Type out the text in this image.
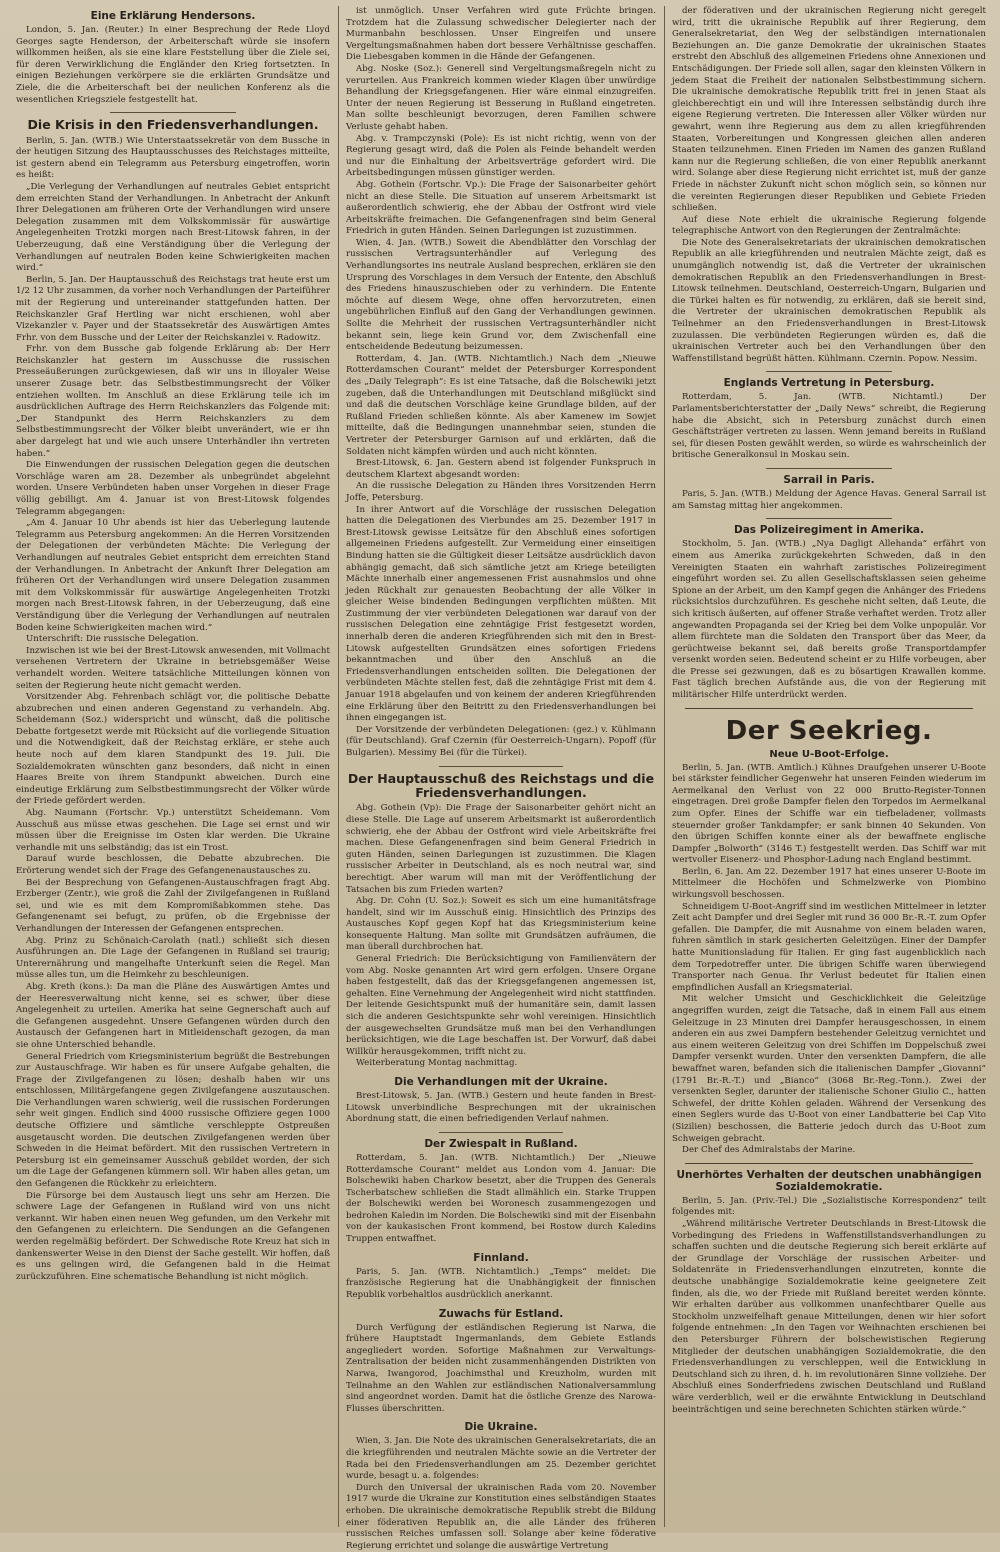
Eine Erklärung Hendersons.

London, 5. Jan. (Reuter.) In einer Besprechung der Rede Lloyd Georges sagte Henderson, der Arbeiterschaft würde sie insofern willkommen heißen, als sie eine klare Feststellung über die Ziele sei, für deren Verwirklichung die Engländer den Krieg fortsetzten. In einigen Beziehungen verkörpere sie die erklärten Grundsätze und Ziele, die die Arbeiterschaft bei der neulichen Konferenz als die wesentlichen Kriegsziele festgestellt hat.

Die Krisis in den Friedensverhandlungen.

Berlin, 5. Jan. (WTB.) Wie Unterstaatssekretär von dem Bussche in der heutigen Sitzung des Hauptausschusses des Reichstages mitteilte, ist gestern abend ein Telegramm aus Petersburg eingetroffen, worin es heißt:

„Die Verlegung der Verhandlungen auf neutrales Gebiet entspricht dem erreichten Stand der Verhandlungen. In Anbetracht der Ankunft Ihrer Delegationen am früheren Orte der Verhandlungen wird unsere Delegation zusammen mit dem Volkskommissär für auswärtige Angelegenheiten Trotzki morgen nach Brest-Litowsk fahren, in der Ueberzeugung, daß eine Verständigung über die Verlegung der Verhandlungen auf neutralen Boden keine Schwierigkeiten machen wird.“

Berlin, 5. Jan. Der Hauptausschuß des Reichstags trat heute erst um 1/2 12 Uhr zusammen, da vorher noch Verhandlungen der Parteiführer mit der Regierung und untereinander stattgefunden hatten. Der Reichskanzler Graf Hertling war nicht erschienen, wohl aber Vizekanzler v. Payer und der Staatssekretär des Auswärtigen Amtes Frhr. von dem Bussche und der Leiter der Reichskanzlei v. Radowitz.

Frhr. von dem Bussche gab folgende Erklärung ab: Der Herr Reichskanzler hat gestern im Ausschusse die russischen Presseäußerungen zurückgewiesen, daß wir uns in illoyaler Weise unserer Zusage betr. das Selbstbestimmungsrecht der Völker entziehen wollten. Im Anschluß an diese Erklärung teile ich im ausdrücklichen Auftrage des Herrn Reichskanzlers das Folgende mit: „Der Standpunkt des Herrn Reichskanzlers zu dem Selbstbestimmungsrecht der Völker bleibt unverändert, wie er ihn aber dargelegt hat und wie auch unsere Unterhändler ihn vertreten haben.“

Die Einwendungen der russischen Delegation gegen die deutschen Vorschläge waren am 28. Dezember als unbegründet abgelehnt worden. Unsere Verbündeten haben unser Vorgehen in dieser Frage völlig gebilligt. Am 4. Januar ist von Brest-Litowsk folgendes Telegramm abgegangen:

„Am 4. Januar 10 Uhr abends ist hier das Ueberlegung lautende Telegramm aus Petersburg angekommen: An die Herren Vorsitzenden der Delegationen der verbündeten Mächte: Die Verlegung der Verhandlungen auf neutrales Gebiet entspricht dem erreichten Stand der Verhandlungen. In Anbetracht der Ankunft Ihrer Delegation am früheren Ort der Verhandlungen wird unsere Delegation zusammen mit dem Volkskommissär für auswärtige Angelegenheiten Trotzki morgen nach Brest-Litowsk fahren, in der Ueberzeugung, daß eine Verständigung über die Verlegung der Verhandlungen auf neutralen Boden keine Schwierigkeiten machen wird.“

Unterschrift: Die russische Delegation.

Inzwischen ist wie bei der Brest-Litowsk anwesenden, mit Vollmacht versehenen Vertretern der Ukraine in betriebsgemäßer Weise verhandelt worden. Weitere tatsächliche Mitteilungen können von seiten der Regierung heute nicht gemacht werden.

Vorsitzender Abg. Fehrenbach schlägt vor, die politische Debatte abzubrechen und einen anderen Gegenstand zu verhandeln. Abg. Scheidemann (Soz.) widerspricht und wünscht, daß die politische Debatte fortgesetzt werde mit Rücksicht auf die vorliegende Situation und die Notwendigkeit, daß der Reichstag erkläre, er stehe auch heute noch auf dem klaren Standpunkt des 19. Juli. Die Sozialdemokraten wünschten ganz besonders, daß nicht in einen Haares Breite von ihrem Standpunkt abweichen. Durch eine eindeutige Erklärung zum Selbstbestimmungsrecht der Völker würde der Friede gefördert werden.

Abg. Naumann (Fortschr. Vp.) unterstützt Scheidemann. Vom Ausschuß aus müsse etwas geschehen. Die Lage sei ernst und wir müssen über die Ereignisse im Osten klar werden. Die Ukraine verhandle mit uns selbständig; das ist ein Trost.

Darauf wurde beschlossen, die Debatte abzubrechen. Die Erörterung wendet sich der Frage des Gefangenenaustausches zu.

Bei der Besprechung von Gefangenen-Austauschfragen fragt Abg. Erzberger (Zentr.), wie groß die Zahl der Zivilgefangenen in Rußland sei, und wie es mit dem Kompromißabkommen stehe. Das Gefangenenamt sei befugt, zu prüfen, ob die Ergebnisse der Verhandlungen der Interessen der Gefangenen entsprechen.

Abg. Prinz zu Schönaich-Carolath (natl.) schließt sich diesen Ausführungen an. Die Lage der Gefangenen in Rußland sei traurig; Unterernährung und mangelhafte Unterkunft seien die Regel. Man müsse alles tun, um die Heimkehr zu beschleunigen.

Abg. Kreth (kons.): Da man die Pläne des Auswärtigen Amtes und der Heeresverwaltung nicht kenne, sei es schwer, über diese Angelegenheit zu urteilen. Amerika hat seine Gegnerschaft auch auf die Gefangenen ausgedehnt. Unsere Gefangenen würden durch den Austausch der Gefangenen hart in Mitleidenschaft gezogen, da man sie ohne Unterschied behandle.

General Friedrich vom Kriegsministerium begrüßt die Bestrebungen zur Austauschfrage. Wir haben es für unsere Aufgabe gehalten, die Frage der Zivilgefangenen zu lösen; deshalb haben wir uns entschlossen, Militärgefangene gegen Zivilgefangene auszutauschen. Die Verhandlungen waren schwierig, weil die russischen Forderungen sehr weit gingen. Endlich sind 4000 russische Offiziere gegen 1000 deutsche Offiziere und sämtliche verschleppte Ostpreußen ausgetauscht worden. Die deutschen Zivilgefangenen werden über Schweden in die Heimat befördert. Mit den russischen Vertretern in Petersburg ist ein gemeinsamer Ausschuß gebildet worden, der sich um die Lage der Gefangenen kümmern soll. Wir haben alles getan, um den Gefangenen die Rückkehr zu erleichtern.

Die Fürsorge bei dem Austausch liegt uns sehr am Herzen. Die schwere Lage der Gefangenen in Rußland wird von uns nicht verkannt. Wir haben einen neuen Weg gefunden, um den Verkehr mit den Gefangenen zu erleichtern. Die Sendungen an die Gefangenen werden regelmäßig befördert. Der Schwedische Rote Kreuz hat sich in dankenswerter Weise in den Dienst der Sache gestellt. Wir hoffen, daß es uns gelingen wird, die Gefangenen bald in die Heimat zurückzuführen. Eine schematische Behandlung ist nicht möglich.

ist unmöglich. Unser Verfahren wird gute Früchte bringen. Trotzdem hat die Zulassung schwedischer Delegierter nach der Murmanbahn beschlossen. Unser Eingreifen und unsere Vergeltungsmaßnahmen haben dort bessere Verhältnisse geschaffen. Die Liebesgaben kommen in die Hände der Gefangenen.

Abg. Noske (Soz.): Generell sind Vergeltungsmaßregeln nicht zu verurteilen. Aus Frankreich kommen wieder Klagen über unwürdige Behandlung der Kriegsgefangenen. Hier wäre einmal einzugreifen. Unter der neuen Regierung ist Besserung in Rußland eingetreten. Man sollte beschleunigt bevorzugen, deren Familien schwere Verluste gehabt haben.

Abg. v. Trampczynski (Pole): Es ist nicht richtig, wenn von der Regierung gesagt wird, daß die Polen als Feinde behandelt werden und nur die Einhaltung der Arbeitsverträge gefordert wird. Die Arbeitsbedingungen müssen günstiger werden.

Abg. Gothein (Fortschr. Vp.): Die Frage der Saisonarbeiter gehört nicht an diese Stelle. Die Situation auf unserem Arbeitsmarkt ist außerordentlich schwierig, ehe der Abbau der Ostfront wird viele Arbeitskräfte freimachen. Die Gefangenenfragen sind beim General Friedrich in guten Händen. Seinen Darlegungen ist zuzustimmen.

Wien, 4. Jan. (WTB.) Soweit die Abendblätter den Vorschlag der russischen Vertragsunterhändler auf Verlegung des Verhandlungsortes ins neutrale Ausland besprechen, erklären sie den Ursprung des Vorschlages in dem Versuch der Entente, den Abschluß des Friedens hinauszuschieben oder zu verhindern. Die Entente möchte auf diesem Wege, ohne offen hervorzutreten, einen ungebührlichen Einfluß auf den Gang der Verhandlungen gewinnen. Sollte die Mehrheit der russischen Vertragsunterhändler nicht bekannt sein, liege kein Grund vor, dem Zwischenfall eine entscheidende Bedeutung beizumessen.

Rotterdam, 4. Jan. (WTB. Nichtamtlich.) Nach dem „Nieuwe Rotterdamschen Courant“ meldet der Petersburger Korrespondent des „Daily Telegraph“: Es ist eine Tatsache, daß die Bolschewiki jetzt zugeben, daß die Unterhandlungen mit Deutschland mißglückt sind und daß die deutschen Vorschläge keine Grundlage bilden, auf der Rußland Frieden schließen könnte. Als aber Kamenew im Sowjet mitteilte, daß die Bedingungen unannehmbar seien, stunden die Vertreter der Petersburger Garnison auf und erklärten, daß die Soldaten nicht kämpfen würden und auch nicht könnten.

Brest-Litowsk, 6. Jan. Gestern abend ist folgender Funkspruch in deutschem Klartext abgesandt worden:

An die russische Delegation zu Händen ihres Vorsitzenden Herrn Joffe, Petersburg.

In ihrer Antwort auf die Vorschläge der russischen Delegation hatten die Delegationen des Vierbundes am 25. Dezember 1917 in Brest-Litowsk gewisse Leitsätze für den Abschluß eines sofortigen allgemeinen Friedens aufgestellt. Zur Vermeidung einer einseitigen Bindung hatten sie die Gültigkeit dieser Leitsätze ausdrücklich davon abhängig gemacht, daß sich sämtliche jetzt am Kriege beteiligten Mächte innerhalb einer angemessenen Frist ausnahmslos und ohne jeden Rückhalt zur genauesten Beobachtung der alle Völker in gleicher Weise bindenden Bedingungen verpflichten müßten. Mit Zustimmung der vier verbündeten Delegationen war darauf von der russischen Delegation eine zehntägige Frist festgesetzt worden, innerhalb deren die anderen Kriegführenden sich mit den in Brest-Litowsk aufgestellten Grundsätzen eines sofortigen Friedens bekanntmachen und über den Anschluß an die Friedensverhandlungen entscheiden sollten. Die Delegationen der verbündeten Mächte stellen fest, daß die zehntägige Frist mit dem 4. Januar 1918 abgelaufen und von keinem der anderen Kriegführenden eine Erklärung über den Beitritt zu den Friedensverhandlungen bei ihnen eingegangen ist.

Der Vorsitzende der verbündeten Delegationen: (gez.) v. Kühlmann (für Deutschland). Graf Czernin (für Oesterreich-Ungarn). Popoff (für Bulgarien). Messimy Bei (für die Türkei).

Der Hauptausschuß des Reichstags und die Friedensverhandlungen.

Abg. Gothein (Vp): Die Frage der Saisonarbeiter gehört nicht an diese Stelle. Die Lage auf unserem Arbeitsmarkt ist außerordentlich schwierig, ehe der Abbau der Ostfront wird viele Arbeitskräfte frei machen. Diese Gefangenenfragen sind beim General Friedrich in guten Händen, seinen Darlegungen ist zuzustimmen. Die Klagen russischer Arbeiter in Deutschland, als es noch neutral war, sind berechtigt. Aber warum will man mit der Veröffentlichung der Tatsachen bis zum Frieden warten?

Abg. Dr. Cohn (U. Soz.): Soweit es sich um eine humanitätsfrage handelt, sind wir im Ausschuß einig. Hinsichtlich des Prinzips des Austausches Kopf gegen Kopf hat das Kriegsministerium keine konsequente Haltung. Man sollte mit Grundsätzen aufräumen, die man überall durchbrochen hat.

General Friedrich: Die Berücksichtigung von Familienvätern der vom Abg. Noske genannten Art wird gern erfolgen. Unsere Organe haben festgestellt, daß das der Kriegsgefangenen angemessen ist, gehalten. Eine Vernehmung der Angelegenheit wird nicht stattfinden. Der leitende Gesichtspunkt muß der humanitäre sein, damit lassen sich die anderen Gesichtspunkte sehr wohl vereinigen. Hinsichtlich der ausgewechselten Grundsätze muß man bei den Verhandlungen berücksichtigen, wie die Lage beschaffen ist. Der Vorwurf, daß dabei Willkür herausgekommen, trifft nicht zu.

Weiterberatung Montag nachmittag.

Die Verhandlungen mit der Ukraine.

Brest-Litowsk, 5. Jan. (WTB.) Gestern und heute fanden in Brest-Litowsk unverbindliche Besprechungen mit der ukrainischen Abordnung statt, die einen befriedigenden Verlauf nahmen.

Der Zwiespalt in Rußland.

Rotterdam, 5. Jan. (WTB. Nichtamtlich.) Der „Nieuwe Rotterdamsche Courant“ meldet aus London vom 4. Januar: Die Bolschewiki haben Charkow besetzt, aber die Truppen des Generals Tscherbatschew schließen die Stadt allmählich ein. Starke Truppen der Bolschewiki werden bei Woronesch zusammengezogen und bedrohen Kaledin im Norden. Die Bolschewiki sind mit der Eisenbahn von der kaukasischen Front kommend, bei Rostow durch Kaledins Truppen entwaffnet.

Finnland.

Paris, 5. Jan. (WTB. Nichtamtlich.) „Temps“ meldet: Die französische Regierung hat die Unabhängigkeit der finnischen Republik vorbehaltlos ausdrücklich anerkannt.

Zuwachs für Estland.

Durch Verfügung der estländischen Regierung ist Narwa, die frühere Hauptstadt Ingermanlands, dem Gebiete Estlands angegliedert worden. Sofortige Maßnahmen zur Verwaltungs-Zentralisation der beiden nicht zusammenhängenden Distrikten von Narwa, Iwangorod, Joachimsthal und Kreuzholm, wurden mit Teilnahme an den Wahlen zur estländischen Nationalversammlung sind angeordnet worden. Damit hat die östliche Grenze des Narowa-Flusses überschritten.

Die Ukraine.

Wien, 3. Jan. Die Note des ukrainischen Generalsekretariats, die an die kriegführenden und neutralen Mächte sowie an die Vertreter der Rada bei den Friedensverhandlungen am 25. Dezember gerichtet wurde, besagt u. a. folgendes:

Durch den Universal der ukrainischen Rada vom 20. November 1917 wurde die Ukraine zur Konstitution eines selbständigen Staates erhoben. Die ukrainische demokratische Republik strebt die Bildung einer föderativen Republik an, die alle Länder des früheren russischen Reiches umfassen soll. Solange aber keine föderative Regierung errichtet und solange die auswärtige Vertretung

der föderativen und der ukrainischen Regierung nicht geregelt wird, tritt die ukrainische Republik auf ihrer Regierung, dem Generalsekretariat, den Weg der selbständigen internationalen Beziehungen an. Die ganze Demokratie der ukrainischen Staates erstrebt den Abschluß des allgemeinen Friedens ohne Annexionen und Entschädigungen. Der Friede soll allen, sagar den kleinsten Völkern in jedem Staat die Freiheit der nationalen Selbstbestimmung sichern. Die ukrainische demokratische Republik tritt frei in jenen Staat als gleichberechtigt ein und will ihre Interessen selbständig durch ihre eigene Regierung vertreten. Die Interessen aller Völker würden nur gewahrt, wenn ihre Regierung aus dem zu allen kriegführenden Staaten, Vorbereitungen und Kongressen gleichen allen anderen Staaten teilzunehmen. Einen Frieden im Namen des ganzen Rußland kann nur die Regierung schließen, die von einer Republik anerkannt wird. Solange aber diese Regierung nicht errichtet ist, muß der ganze Friede in nächster Zukunft nicht schon möglich sein, so können nur die vereinten Regierungen dieser Republiken und Gebiete Frieden schließen.

Auf diese Note erhielt die ukrainische Regierung folgende telegraphische Antwort von den Regierungen der Zentralmächte:

Die Note des Generalsekretariats der ukrainischen demokratischen Republik an alle kriegführenden und neutralen Mächte zeigt, daß es unumgänglich notwendig ist, daß die Vertreter der ukrainischen demokratischen Republik an den Friedensverhandlungen in Brest-Litowsk teilnehmen. Deutschland, Oesterreich-Ungarn, Bulgarien und die Türkei halten es für notwendig, zu erklären, daß sie bereit sind, die Vertreter der ukrainischen demokratischen Republik als Teilnehmer an den Friedensverhandlungen in Brest-Litowsk zuzulassen. Die verbündeten Regierungen würden es, daß die ukrainischen Vertreter auch bei den Verhandlungen über den Waffenstillstand begrüßt hätten. Kühlmann. Czernin. Popow. Nessim.

Englands Vertretung in Petersburg.

Rotterdam, 5. Jan. (WTB. Nichtamtl.) Der Parlamentsberichterstatter der „Daily News“ schreibt, die Regierung habe die Absicht, sich in Petersburg zunächst durch einen Geschäftsträger vertreten zu lassen. Wenn jemand bereits in Rußland sei, für diesen Posten gewählt werden, so würde es wahrscheinlich der britische Generalkonsul in Moskau sein.

Sarrail in Paris.

Paris, 5. Jan. (WTB.) Meldung der Agence Havas. General Sarrail ist am Samstag mittag hier angekommen.

Das Polizeiregiment in Amerika.

Stockholm, 5. Jan. (WTB.) „Nya Dagligt Allehanda“ erfährt von einem aus Amerika zurückgekehrten Schweden, daß in den Vereinigten Staaten ein wahrhaft zaristisches Polizeiregiment eingeführt worden sei. Zu allen Gesellschaftsklassen seien geheime Spione an der Arbeit, um den Kampf gegen die Anhänger des Friedens rücksichtslos durchzuführen. Es geschehe nicht selten, daß Leute, die sich kritisch äußerten, auf offener Straße verhaftet werden. Trotz aller angewandten Propaganda sei der Krieg bei dem Volke unpopulär. Vor allem fürchtete man die Soldaten den Transport über das Meer, da gerüchtweise bekannt sei, daß bereits große Transportdampfer versenkt worden seien. Bedeutend scheint er zu Hilfe vorbeugen, aber die Presse sei gezwungen, daß es zu bösartigen Krawallen komme. Fast täglich brechen Aufstände aus, die von der Regierung mit militärischer Hilfe unterdrückt werden.

Der Seekrieg.
Neue U-Boot-Erfolge.

Berlin, 5. Jan. (WTB. Amtlich.) Kühnes Draufgehen unserer U-Boote bei stärkster feindlicher Gegenwehr hat unseren Feinden wiederum im Aermelkanal den Verlust von 22 000 Brutto-Register-Tonnen eingetragen. Drei große Dampfer fielen den Torpedos im Aermelkanal zum Opfer. Eines der Schiffe war ein tiefbeladener, vollmasts steuernder großer Tankdampfer; er sank binnen 40 Sekunden. Von den übrigen Schiffen konnte einer als der bewaffnete englische Dampfer „Bolworth“ (3146 T.) festgestellt werden. Das Schiff war mit wertvoller Eisenerz- und Phosphor-Ladung nach England bestimmt.

Berlin, 6. Jan. Am 22. Dezember 1917 hat eines unserer U-Boote im Mittelmeer die Hochöfen und Schmelzwerke von Piombino wirkungsvoll beschossen.

Schneidigem U-Boot-Angriff sind im westlichen Mittelmeer in letzter Zeit acht Dampfer und drei Segler mit rund 36 000 Br.-R.-T. zum Opfer gefallen. Die Dampfer, die mit Ausnahme von einem beladen waren, fuhren sämtlich in stark gesicherten Geleitzügen. Einer der Dampfer hatte Munitionsladung für Italien. Er ging fast augenblicklich nach dem Torpedotreffer unter. Die übrigen Schiffe waren überwiegend Transporter nach Genua. Ihr Verlust bedeutet für Italien einen empfindlichen Ausfall an Kriegsmaterial.

Mit welcher Umsicht und Geschicklichkeit die Geleitzüge angegriffen wurden, zeigt die Tatsache, daß in einem Fall aus einem Geleitzuge in 23 Minuten drei Dampfer herausgeschossen, in einem anderen ein aus zwei Dampfern bestehender Geleitzug vernichtet und aus einem weiteren Geleitzug von drei Schiffen im Doppelschuß zwei Dampfer versenkt wurden. Unter den versenkten Dampfern, die alle bewaffnet waren, befanden sich die italienischen Dampfer „Giovanni“ (1791 Br.-R.-T.) und „Bianco“ (3068 Br.-Reg.-Tonn.). Zwei der versenkten Segler, darunter der italienische Schoner Giulio C., hatten Schwefel, der dritte Kohlen geladen. Während der Versenkung des einen Seglers wurde das U-Boot von einer Landbatterie bei Cap Vito (Sizilien) beschossen, die Batterie jedoch durch das U-Boot zum Schweigen gebracht.

Der Chef des Admiralstabs der Marine.

Unerhörtes Verhalten der deutschen unabhängigen Sozialdemokratie.

Berlin, 5. Jan. (Priv.-Tel.) Die „Sozialistische Korrespondenz“ teilt folgendes mit:

„Während militärische Vertreter Deutschlands in Brest-Litowsk die Vorbedingung des Friedens in Waffenstillstandsverhandlungen zu schaffen suchten und die deutsche Regierung sich bereit erklärte auf der Grundlage der Vorschläge der russischen Arbeiter- und Soldatenräte in Friedensverhandlungen einzutreten, konnte die deutsche unabhängige Sozialdemokratie keine geeignetere Zeit finden, als die, wo der Friede mit Rußland bereitet werden könnte. Wir erhalten darüber aus vollkommen unanfechtbarer Quelle aus Stockholm unzweifelhaft genaue Mitteilungen, denen wir hier sofort folgende entnehmen: „In den Tagen vor Weihnachten erschienen bei den Petersburger Führern der bolschewistischen Regierung Mitglieder der deutschen unabhängigen Sozialdemokratie, die den Friedensverhandlungen zu verschleppen, weil die Entwicklung in Deutschland sich zu ihren, d. h. im revolutionären Sinne vollziehe. Der Abschluß eines Sonderfriedens zwischen Deutschland und Rußland wäre verderblich, weil er die erwähnte Entwicklung in Deutschland beeinträchtigen und seine berechneten Schichten stärken würde.“
